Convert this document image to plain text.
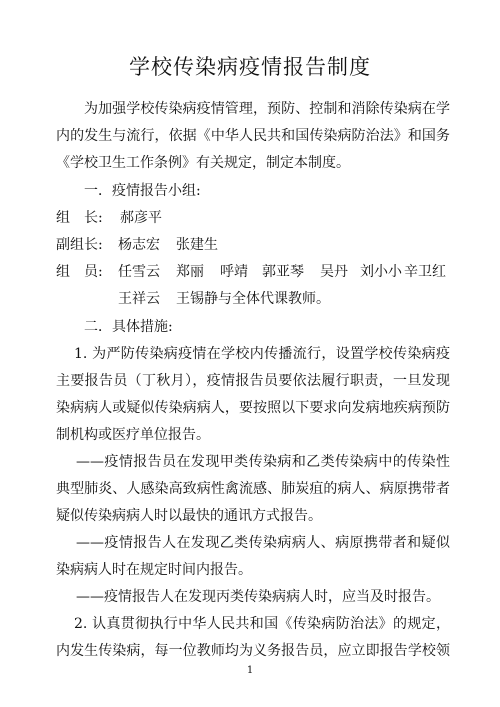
学校传染病疫情报告制度
为加强学校传染病疫情管理，预防、控制和消除传染病在学
内的发生与流行，依据《中华人民共和国传染病防治法》和国务
《学校卫生工作条例》有关规定，制定本制度。
一．疫情报告小组:
组　长: 郝彦平
副组长: 杨志宏 张建生
组　员: 任雪云 郑丽 呼靖 郭亚琴 吴丹 刘小小 辛卫红
王祥云 王锡静与全体代课教师。
二．具体措施:
1. 为严防传染病疫情在学校内传播流行，设置学校传染病疫
主要报告员（丁秋月），疫情报告员要依法履行职责，一旦发现
染病病人或疑似传染病病人，要按照以下要求向发病地疾病预防
制机构或医疗单位报告。
——疫情报告员在发现甲类传染病和乙类传染病中的传染性
典型肺炎、人感染高致病性禽流感、肺炭疽的病人、病原携带者
疑似传染病病人时以最快的通讯方式报告。
——疫情报告人在发现乙类传染病病人、病原携带者和疑似
染病病人时在规定时间内报告。
——疫情报告人在发现丙类传染病病人时，应当及时报告。
2. 认真贯彻执行中华人民共和国《传染病防治法》的规定，
内发生传染病，每一位教师均为义务报告员，应立即报告学校领
1
